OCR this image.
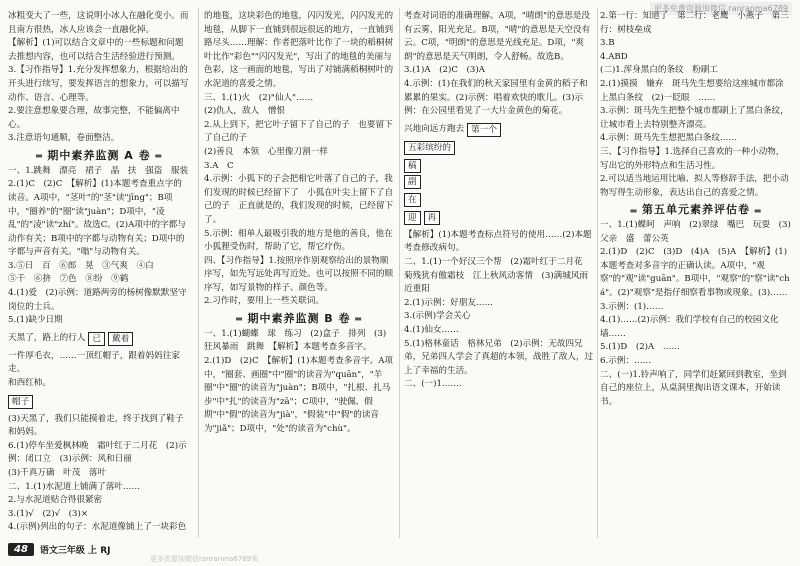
更多免费资源加微信 ranranma6789

冰粗变大了一些，这说明小冰人在融化变小。而且南方很热，冰人应该会一直融化掉。

【解析】(1)可以结合文章中的一些标题和问题去推想内容，也可以结合生活经验进行预测。

3.【习作指导】1.充分发挥想象力，根据给出的开头进行续写，要发挥语言的想象力，可以描写动作、语言、心理等。

2.要注意想象要合理，故事完整，不能偏离中心。

3.注意语句通顺，卷面整洁。

▬ 期中素养监测 A 卷 ▬

一、1.跳舞　漂亮　裙子　晶　扶　强盗　服装

2.(1)C　(2)C　【解析】(1)本题考查重点字的读音。A项中，"茎叶"的"茎"读"jīng"；B项中，"圈养"的"圈"读"juàn"；D项中，"凌乱"的"凌"读"zhí"。故选C。(2)A项中的字都与动作有关；B项中的字都与动物有关；D项中的字都与声音有关。"嗡"与动物有关。

3.⑤日　百　⑥郎　晃　③气爽　④白

⑤千　⑥挤　⑦色　⑧纷　⑨鹤

4.(1)爱　(2)示例：道路两旁的杨树像默默坚守岗位的士兵。

5.(1)缺少日期

天黑了，路上的行人 已	戴着

一件厚毛衣，……一顶红帽子，跟着妈妈往家走。

和西红柿。

帽子

(3)天黑了，我们只能摸着走，终于找到了鞋子和妈妈。

6.(1)停车坐爱枫林晚　霜叶红于二月花　(2)示例：闭口立　(3)示例：风和日丽

(3)千真万确　叶茂　落叶

二、1.(1)水泥道上铺满了落叶……

2.与水泥道贴合得很紧密

3.(1)√　(2)√　(3)×

4.(示例)列出的句子：水泥道像铺上了一块彩色

的地毯，这块彩色的地毯，闪闪发光，闪闪发光的地毯，从脚下一直铺到很远很远的地方，一直铺到路尽头……理解：作者把落叶比作了一块的稻桐树叶比作"彩色""闪闪发光"，写出了的地毯的美丽与色彩，这一画面的地毯，写出了对铺满稻桐树叶的水泥道的喜爱之情。

三、1.(1)火　(2)"仙人"……

(2)仇人，敌人　憎恨

2.从上到下，把它叶子留下了自己的子　也要留下了自己的子

(2)善良　本领　心里像刀割一样

3.A　C

4.示例：小狐下的子会把相它叶落了自己的子，我们发现的时候已经留下了　小狐在叶尖上留下了自己的子　正直就是的，我们发现的时候，已经留下了。

5.示例：相单人最吸引我的地方是他的善良，他在小狐狸受伤时，帮助了它，帮它疗伤。

四、【习作指导】1.按照序作别观察给出的景物顺序写，如先写远处再写近处。也可以按照不同的顺序写，如写景物的样子、颜色等。

2.习作时，要用上一些关联词。

▬ 期中素养监测 B 卷 ▬

一、1.(1)蝴蝶　球　练习　(2)盒子　排列　(3)狂风暴雨　跳舞　【解析】本题考查多音字。

2.(1)D　(2)C　【解析】(1)本题考查多音字。A项中，"圈套、画圈"中"圈"的读音为"quān"，"羊圈"中"圈"的读音为"juàn"；B项中，"扎根、扎马步"中"扎"的读音为"zā"；C项中，"驶佩、假期"中"假"的读音为"jià"，"假装"中"假"的读音为"jiǎ"；D项中，"处"的读音为"chù"。

考查对词语的准确理解。A项，"晴朗"的意思是没有云雾，阳光充足。B项，"晴"的意思是天空没有云。C项，"明朗"的意思是光线充足。D项，"爽朗"的意思是天气明朗，令人舒畅。故选B。

3.(1)A　(2)C　(3)A

4.示例：(1)在我们的秋天家园里有金黄的稻子和累累的果实。(2)示例：唱着欢快的歌儿。(3)示例：在公园里看见了一大片金黄色的菊花。

兴地向远方跑去 第一个
五彩缤纷的
稿
副
在
迎	再

【解析】(1)本题考查标点符号的使用……(2)本题考查修改病句。

二、1.(1)一个好汉三个帮　(2)霜叶红于二月花　菊残犹有傲霜枝　江上秋风动客情　(3)满城风雨近重阳

2.(1)示例：好朋友……

3.(示例)学会关心

4.(1)仙女……

5.(1)格林童话　格林兄弟　(2)示例：无故四兄弟，兄弟四人学会了真超的本领，战胜了敌人，过上了幸福的生活。

二、(一)1.……

2.第一行：知道了　第二行：老鹰　小燕子　第三行：树枝垒成

3.B

4.ABD

(二)1.浑身黑白的条纹　粉刷工

2.(1)摸摸　嫌弃　斑马先生想要给这座城市都涂上黑白条纹　(2)一眨眼　……

3.示例：斑马先生把整个城市都刷上了黑白条纹，让城市看上去特别整齐漂亮。

4.示例：斑马先生想把黑白条纹……

三、【习作指导】1.选择自己喜欢的一种小动物，写出它的外形特点和生活习性。

2.可以适当地运用比喻、拟人等修辞手法，把小动物写得生动形象，表达出自己的喜爱之情。

▬ 第五单元素养评估卷 ▬

一、1.(1)蝶呵　声响　(2)翠绿　嘴巴　玩耍　(3)父亲　盛　蕾公英

2.(1)D　(2)C　(3)D　(4)A　(5)A　【解析】(1)本题考查对多音字的正确认读。A项中，"观察"的"观"读"guān"。B项中，"观察"的"察"读"chá"。(2)"观察"是指仔细察看事物或现象。(3)……

3.示例：(1)……

4.(1)……(2)示例：我们学校有自己的校园文化墙……

5.(1)D　(2)A　……

6.示例：……

二、(一)1.铃声响了，同学们赶紧回到教室，坐到自己的座位上，从桌洞里掏出语文课本，开始读书。

48	语文三年级 上 RJ
更多资源加微信ranranma6789领
